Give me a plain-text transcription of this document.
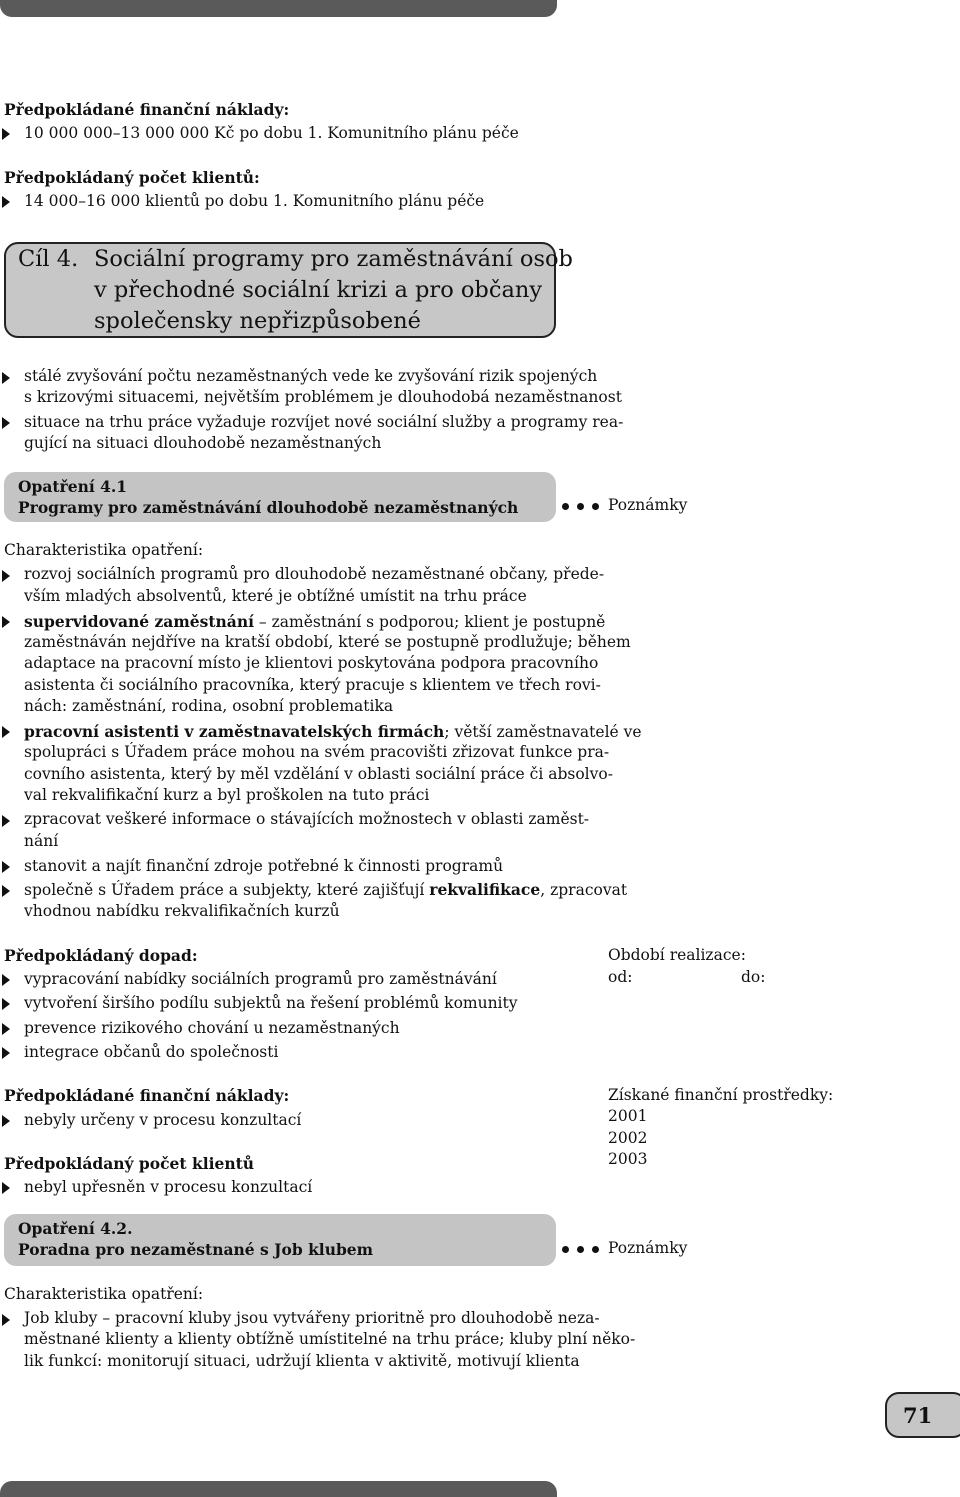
Předpokládané finanční náklady:
10 000 000–13 000 000 Kč po dobu 1. Komunitního plánu péče
Předpokládaný počet klientů:
14 000–16 000 klientů po dobu 1. Komunitního plánu péče
Cíl 4. Sociální programy pro zaměstnávání osob
v přechodné sociální krizi a pro občany
společensky nepřizpůsobené
stálé zvyšování počtu nezaměstnaných vede ke zvyšování rizik spojených
s krizovými situacemi, největším problémem je dlouhodobá nezaměstnanost
situace na trhu práce vyžaduje rozvíjet nové sociální služby a programy rea-
gující na situaci dlouhodobě nezaměstnaných
Opatření 4.1
Programy pro zaměstnávání dlouhodobě nezaměstnaných	Poznámky
Charakteristika opatření:
rozvoj sociálních programů pro dlouhodobě nezaměstnané občany, přede-
vším mladých absolventů, které je obtížné umístit na trhu práce
supervidované zaměstnání – zaměstnání s podporou; klient je postupně
zaměstnáván nejdříve na kratší období, které se postupně prodlužuje; během
adaptace na pracovní místo je klientovi poskytována podpora pracovního
asistenta či sociálního pracovníka, který pracuje s klientem ve třech rovi-
nách: zaměstnání, rodina, osobní problematika
pracovní asistenti v zaměstnavatelských firmách; větší zaměstnavatelé ve
spolupráci s Úřadem práce mohou na svém pracovišti zřizovat funkce pra-
covního asistenta, který by měl vzdělání v oblasti sociální práce či absolvo-
val rekvalifikační kurz a byl proškolen na tuto práci
zpracovat veškeré informace o stávajících možnostech v oblasti zaměst-
nání
stanovit a najít finanční zdroje potřebné k činnosti programů
společně s Úřadem práce a subjekty, které zajišťují rekvalifikace, zpracovat
vhodnou nabídku rekvalifikačních kurzů
Předpokládaný dopad:
vypracování nabídky sociálních programů pro zaměstnávání
vytvoření širšího podílu subjektů na řešení problémů komunity
prevence rizikového chování u nezaměstnaných
integrace občanů do společnosti
Období realizace:
od:	do:
Předpokládané finanční náklady:
nebyly určeny v procesu konzultací
Předpokládaný počet klientů
nebyl upřesněn v procesu konzultací
Získané finanční prostředky:
2001
2002
2003
Opatření 4.2.
Poradna pro nezaměstnané s Job klubem	Poznámky
Charakteristika opatření:
Job kluby – pracovní kluby jsou vytvářeny prioritně pro dlouhodobě neza-
městnané klienty a klienty obtížně umístitelné na trhu práce; kluby plní něko-
lik funkcí: monitorují situaci, udržují klienta v aktivitě, motivují klienta
71
